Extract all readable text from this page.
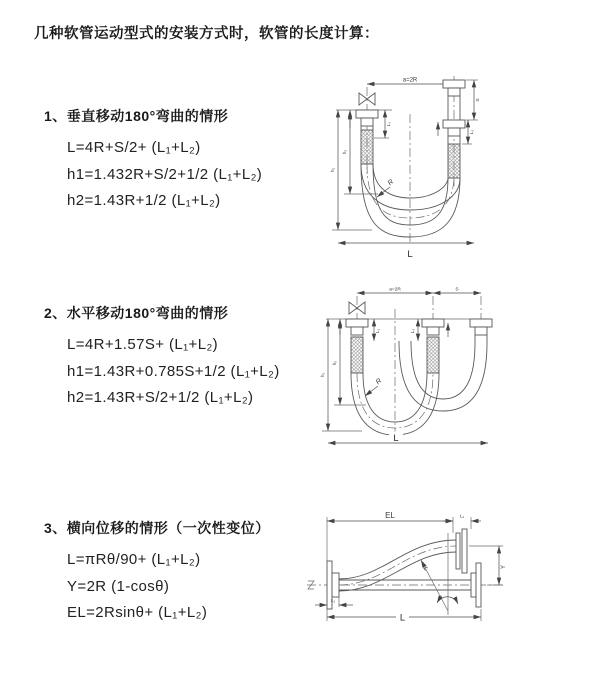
几种软管运动型式的安装方式时，软管的长度计算：
1、垂直移动180°弯曲的情形
L=4R+S/2+ (L₁+L₂)
h1=1.432R+S/2+1/2 (L₁+L₂)
h2=1.43R+1/2 (L₁+L₂)
2、水平移动180°弯曲的情形
L=4R+1.57S+ (L₁+L₂)
h1=1.43R+0.785S+1/2 (L₁+L₂)
h2=1.43R+S/2+1/2 (L₁+L₂)
3、横向位移的情形（一次性变位）
L=πRθ/90+ (L₁+L₂)
Y=2R (1-cosθ)
EL=2Rsinθ+ (L₁+L₂)
a=2R
L₁
S
L₂
h₁
h₂
R
L
a=2R	S
L₁	L₂
h₁
h₂
R
L
EL	L₁
Y
R
θ
L₁
L
